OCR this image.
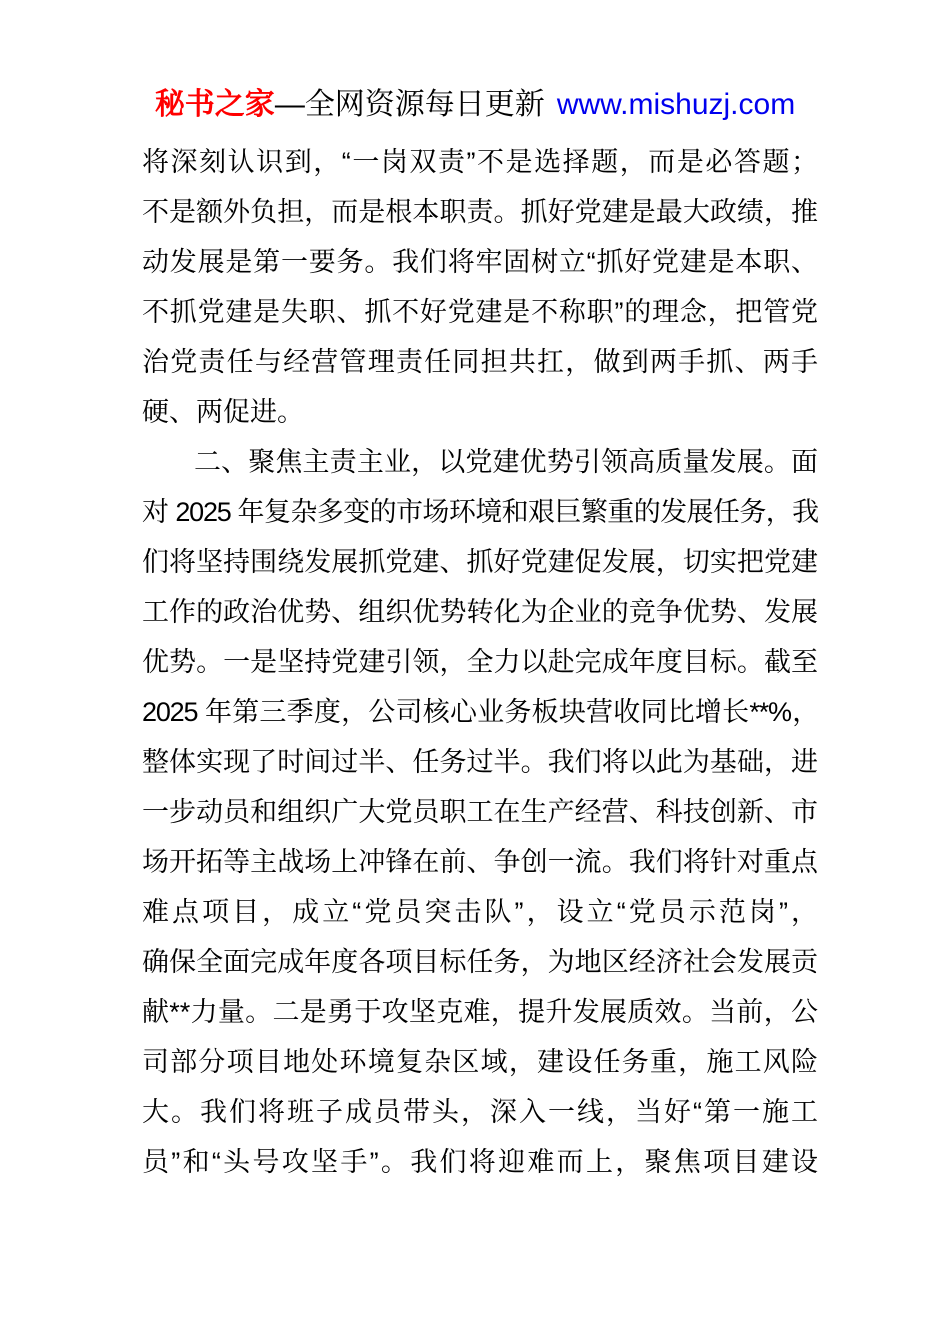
秘书之家—全网资源每日更新 www.mishuzj.com
将深刻认识到，“一岗双责”不是选择题，而是必答题；
不是额外负担，而是根本职责。抓好党建是最大政绩，推
动发展是第一要务。我们将牢固树立“抓好党建是本职、
不抓党建是失职、抓不好党建是不称职”的理念，把管党
治党责任与经营管理责任同担共扛，做到两手抓、两手
硬、两促进。
二、聚焦主责主业，以党建优势引领高质量发展。面
对 2025 年复杂多变的市场环境和艰巨繁重的发展任务，我
们将坚持围绕发展抓党建、抓好党建促发展，切实把党建
工作的政治优势、组织优势转化为企业的竞争优势、发展
优势。一是坚持党建引领，全力以赴完成年度目标。截至
2025 年第三季度，公司核心业务板块营收同比增长**%，
整体实现了时间过半、任务过半。我们将以此为基础，进
一步动员和组织广大党员职工在生产经营、科技创新、市
场开拓等主战场上冲锋在前、争创一流。我们将针对重点
难点项目，成立“党员突击队”，设立“党员示范岗”，
确保全面完成年度各项目标任务，为地区经济社会发展贡
献**力量。二是勇于攻坚克难，提升发展质效。当前，公
司部分项目地处环境复杂区域，建设任务重，施工风险
大。我们将班子成员带头，深入一线，当好“第一施工
员”和“头号攻坚手”。我们将迎难而上，聚焦项目建设
